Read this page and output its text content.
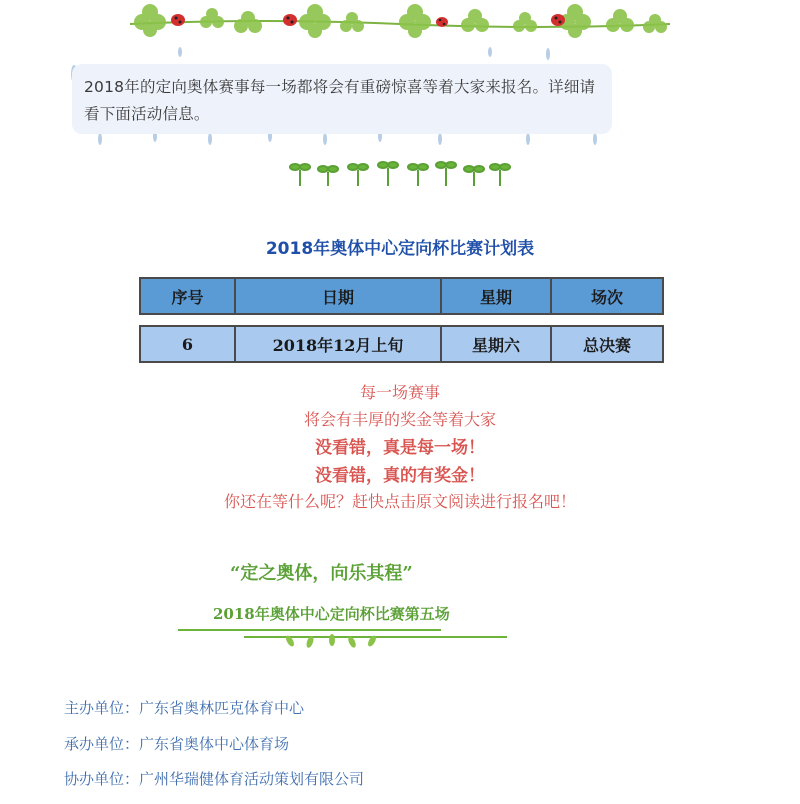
2018年的定向奥体赛事每一场都将会有重磅惊喜等着大家来报名。详细请看下面活动信息。
2018年奥体中心定向杯比赛计划表
序号	日期	星期	场次
6	2018年12月上旬	星期六	总决赛
每一场赛事
将会有丰厚的奖金等着大家
没看错，真是每一场！
没看错，真的有奖金！
你还在等什么呢？赶快点击原文阅读进行报名吧！
“定之奥体，向乐其程”
2018年奥体中心定向杯比赛第五场
主办单位：广东省奥林匹克体育中心
承办单位：广东省奥体中心体育场
协办单位：广州华瑞健体育活动策划有限公司
